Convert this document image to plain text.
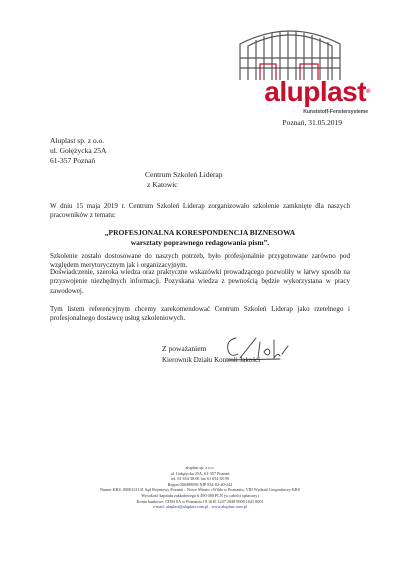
aluplast®
Kunststoff-Fenstersysteme
Poznań, 31.05.2019
Aluplast sp. z o.o.
ul. Gołężycka 25A
61-357 Poznań
Centrum Szkoleń Liderap
z Katowic
W dniu 15 maja 2019 r. Centrum Szkoleń Liderap zorganizowało szkolenie zamknięte dla naszych pracowników z tematu:
„PROFESJONALNA KORESPONDENCJA BIZNESOWA
warsztaty poprawnego redagowania pism”.
Szkolenie zostało dostosowane do naszych potrzeb, było profesjonalnie przygotowane zarówno pod względem merytorycznym jak i organizacyjnym.
Doświadczenie, szeroka wiedza oraz praktyczne wskazówki prowadzącego pozwoliły w łatwy sposób na przyswojenie niezbędnych informacji. Pozyskana wiedza z pewnością będzie wykorzystana w pracy zawodowej.
Tym listem referencyjnym chcemy zarekomendować Centrum Szkoleń Liderap jako rzetelnego i profesjonalnego dostawcę usług szkoleniowych.
Z poważaniem
Kierownik Działu Kontroli Jakości
aluplast sp. z o.o.
ul. Gołężycka 25A, 61-357 Poznań
tel. 61 654 38 00 fax 61 654 38 99
Regon 000489058 NIP 934-02-40-242
Numer KRS: 0000121141 Sąd Rejonowy Poznań – Nowe Miasto i Wilda w Poznaniu, VIII Wydział Gospodarczy KRS
Wysokość kapitału zakładowego 6 490 000 PLN (w całości opłacony)
Konto bankowe: CDM SA w Poznaniu 19 1610 1247 2048 9000 1041 0001
e-mail: aluplast@aluplast.com.pl , www.aluplast.com.pl
